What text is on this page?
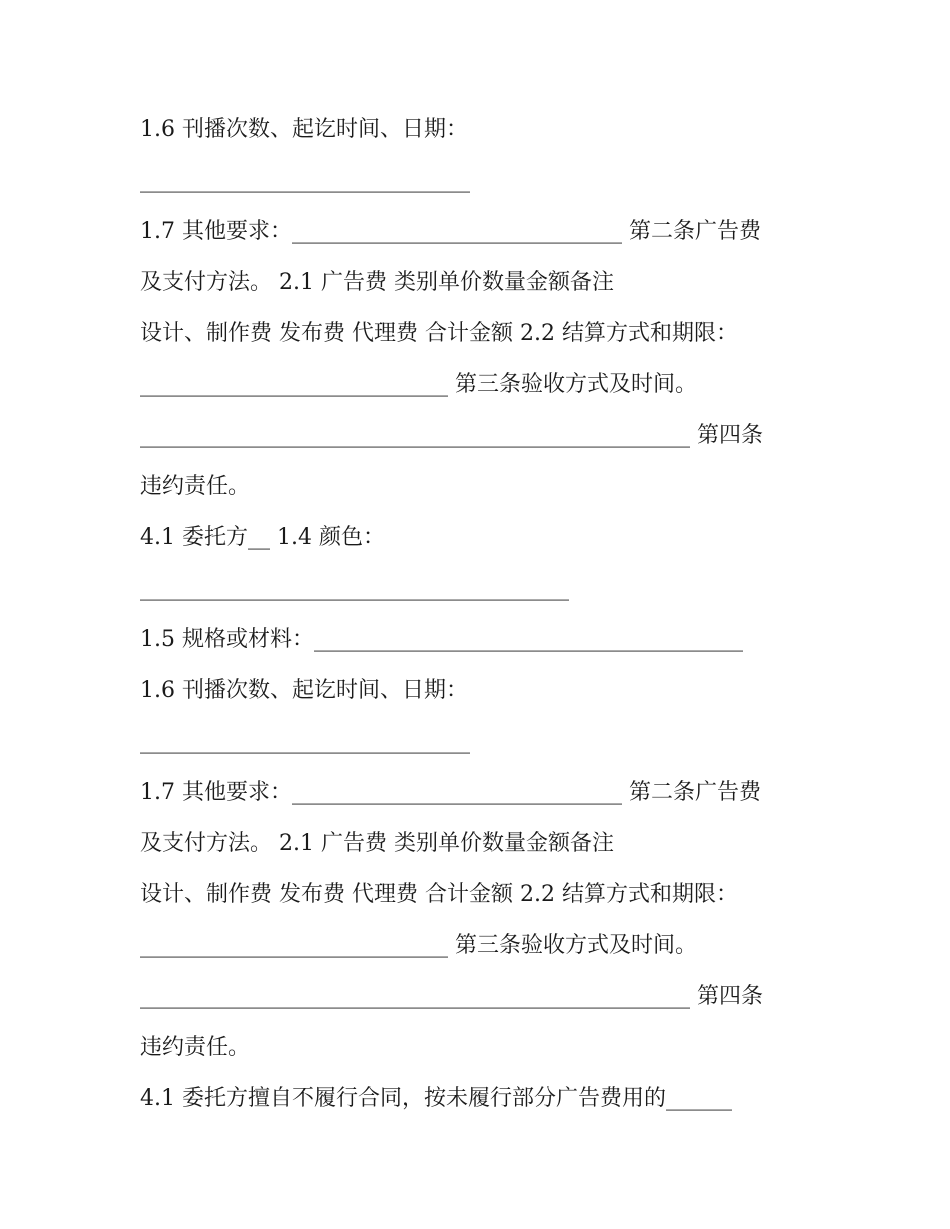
1.6 刊播次数、起讫时间、日期：
______________________________
1.7 其他要求：______________________________ 第二条广告费
及支付方法。 2.1 广告费 类别单价数量金额备注
设计、制作费 发布费 代理费 合计金额 2.2 结算方式和期限：
____________________________ 第三条验收方式及时间。
__________________________________________________ 第四条
违约责任。
4.1 委托方__ 1.4 颜色：
_______________________________________
1.5 规格或材料：_______________________________________
1.6 刊播次数、起讫时间、日期：
______________________________
1.7 其他要求：______________________________ 第二条广告费
及支付方法。 2.1 广告费 类别单价数量金额备注
设计、制作费 发布费 代理费 合计金额 2.2 结算方式和期限：
____________________________ 第三条验收方式及时间。
__________________________________________________ 第四条
违约责任。
4.1 委托方擅自不履行合同，按未履行部分广告费用的______
